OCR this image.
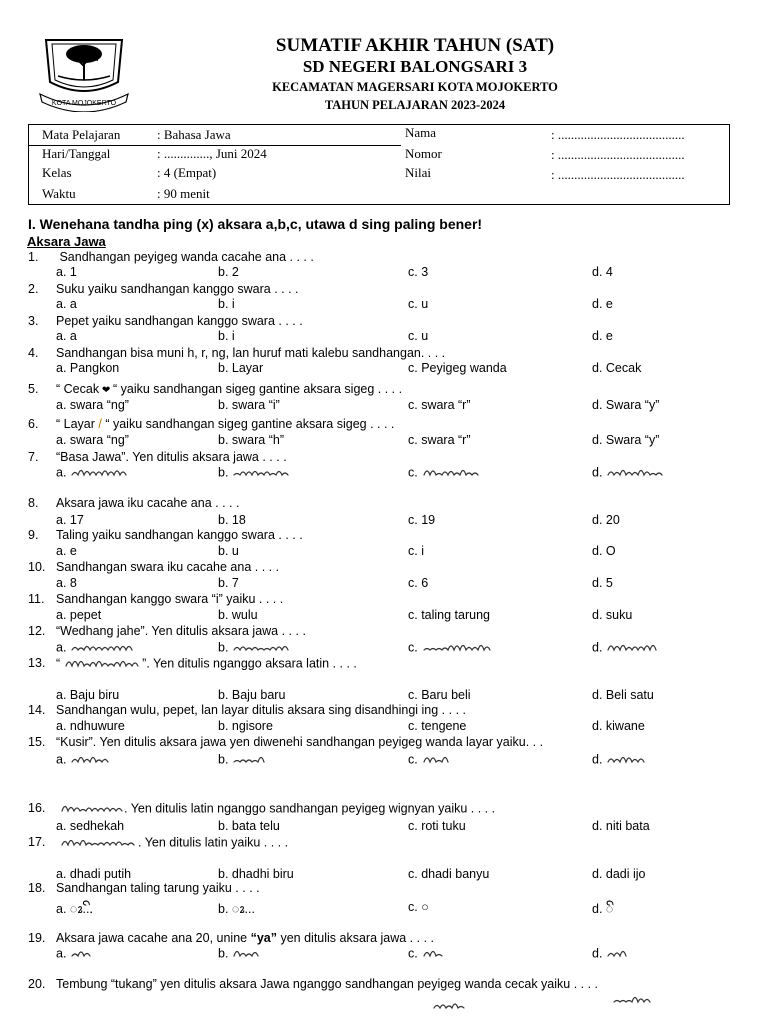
KOTA MOJOKERTO
SUMATIF AKHIR TAHUN (SAT)
SD NEGERI BALONGSARI 3
KECAMATAN MAGERSARI KOTA MOJOKERTO
TAHUN PELAJARAN 2023-2024
Mata Pelajaran	: Bahasa Jawa
Hari/Tanggal	: .............., Juni 2024
Kelas	: 4 (Empat)
Waktu	: 90 menit
Nama	: .......................................
Nomor	: .......................................
Nilai	: .......................................
I. Wenehana tandha ping (x) aksara a,b,c, utawa d sing paling bener!
Aksara Jawa
1. Sandhangan peyigeg wanda cacahe ana . . . .
a. 1	b. 2	c. 3	d. 4
2. Suku yaiku sandhangan kanggo swara . . . .
a. a	b. i	c. u	d. e
3. Pepet yaiku sandhangan kanggo swara . . . .
a. a	b. i	c. u	d. e
4. Sandhangan bisa muni h, r, ng, lan huruf mati kalebu sandhangan. . . .
a. Pangkon	b. Layar	c. Peyigeg wanda	d. Cecak
5. “ Cecak ❤ “ yaiku sandhangan sigeg gantine aksara sigeg . . . .
a. swara “ng”	b. swara “i”	c. swara “r”	d. Swara “y”
6. “ Layar / “ yaiku sandhangan sigeg gantine aksara sigeg . . . .
a. swara “ng”	b. swara “h”	c. swara “r”	d. Swara “y”
7. “Basa Jawa”. Yen ditulis aksara jawa . . . .
a.	b.	c.	d.
8. Aksara jawa iku cacahe ana . . . .
a. 17	b. 18	c. 19	d. 20
9. Taling yaiku sandhangan kanggo swara . . . .
a. e	b. u	c. i	d. O
10. Sandhangan swara iku cacahe ana . . . .
a. 8	b. 7	c. 6	d. 5
11. Sandhangan kanggo swara “i” yaiku . . . .
a. pepet	b. wulu	c. taling tarung	d. suku
12. “Wedhang jahe”. Yen ditulis aksara jawa . . . .
a.	b.	c.	d.
13. “	”. Yen ditulis nganggo aksara latin . . . .
a. Baju biru	b. Baju baru	c. Baru beli	d. Beli satu
14. Sandhangan wulu, pepet, lan layar ditulis aksara sing disandhingi ing . . . .
a. ndhuwure	b. ngisore	c. tengene	d. kiwane
15. “Kusir”. Yen ditulis aksara jawa yen diwenehi sandhangan peyigeg wanda layar yaiku. . .
a.	b.	c.	d.
16.	. Yen ditulis latin nganggo sandhangan peyigeg wignyan yaiku . . . .
a. sedhekah	b. bata telu	c. roti tuku	d. niti bata
17.	. Yen ditulis latin yaiku . . . .
a. dhadi putih	b. dhadhi biru	c. dhadi banyu	d. dadi ijo
18. Sandhangan taling tarung yaiku . . . .
a. ꦴ...ꦼ	b. ꦴ...	c. ○	d. ꦼ
19. Aksara jawa cacahe ana 20, unine “ya” yen ditulis aksara jawa . . . .
a.	b.	c.	d.
20. Tembung “tukang” yen ditulis aksara Jawa nganggo sandhangan peyigeg wanda cecak yaiku . . . .
